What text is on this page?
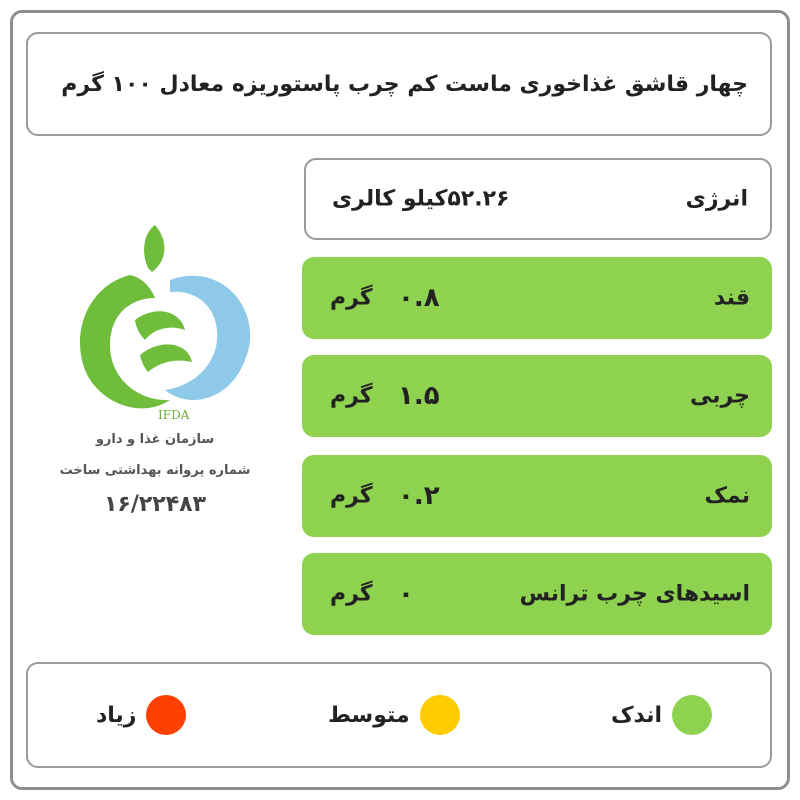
چهار قاشق غذاخوری ماست کم چرب پاستوریزه معادل ۱۰۰ گرم
انرژی
۵۲.۲۶کیلو کالری
قند
۰.۸
گرم
چربی
۱.۵
گرم
نمک
۰.۲
گرم
اسیدهای چرب ترانس
۰
گرم
IFDA
سازمان غذا و دارو
شماره پروانه بهداشتی ساخت
۱۶/۲۲۴۸۳
اندک
متوسط
زیاد
